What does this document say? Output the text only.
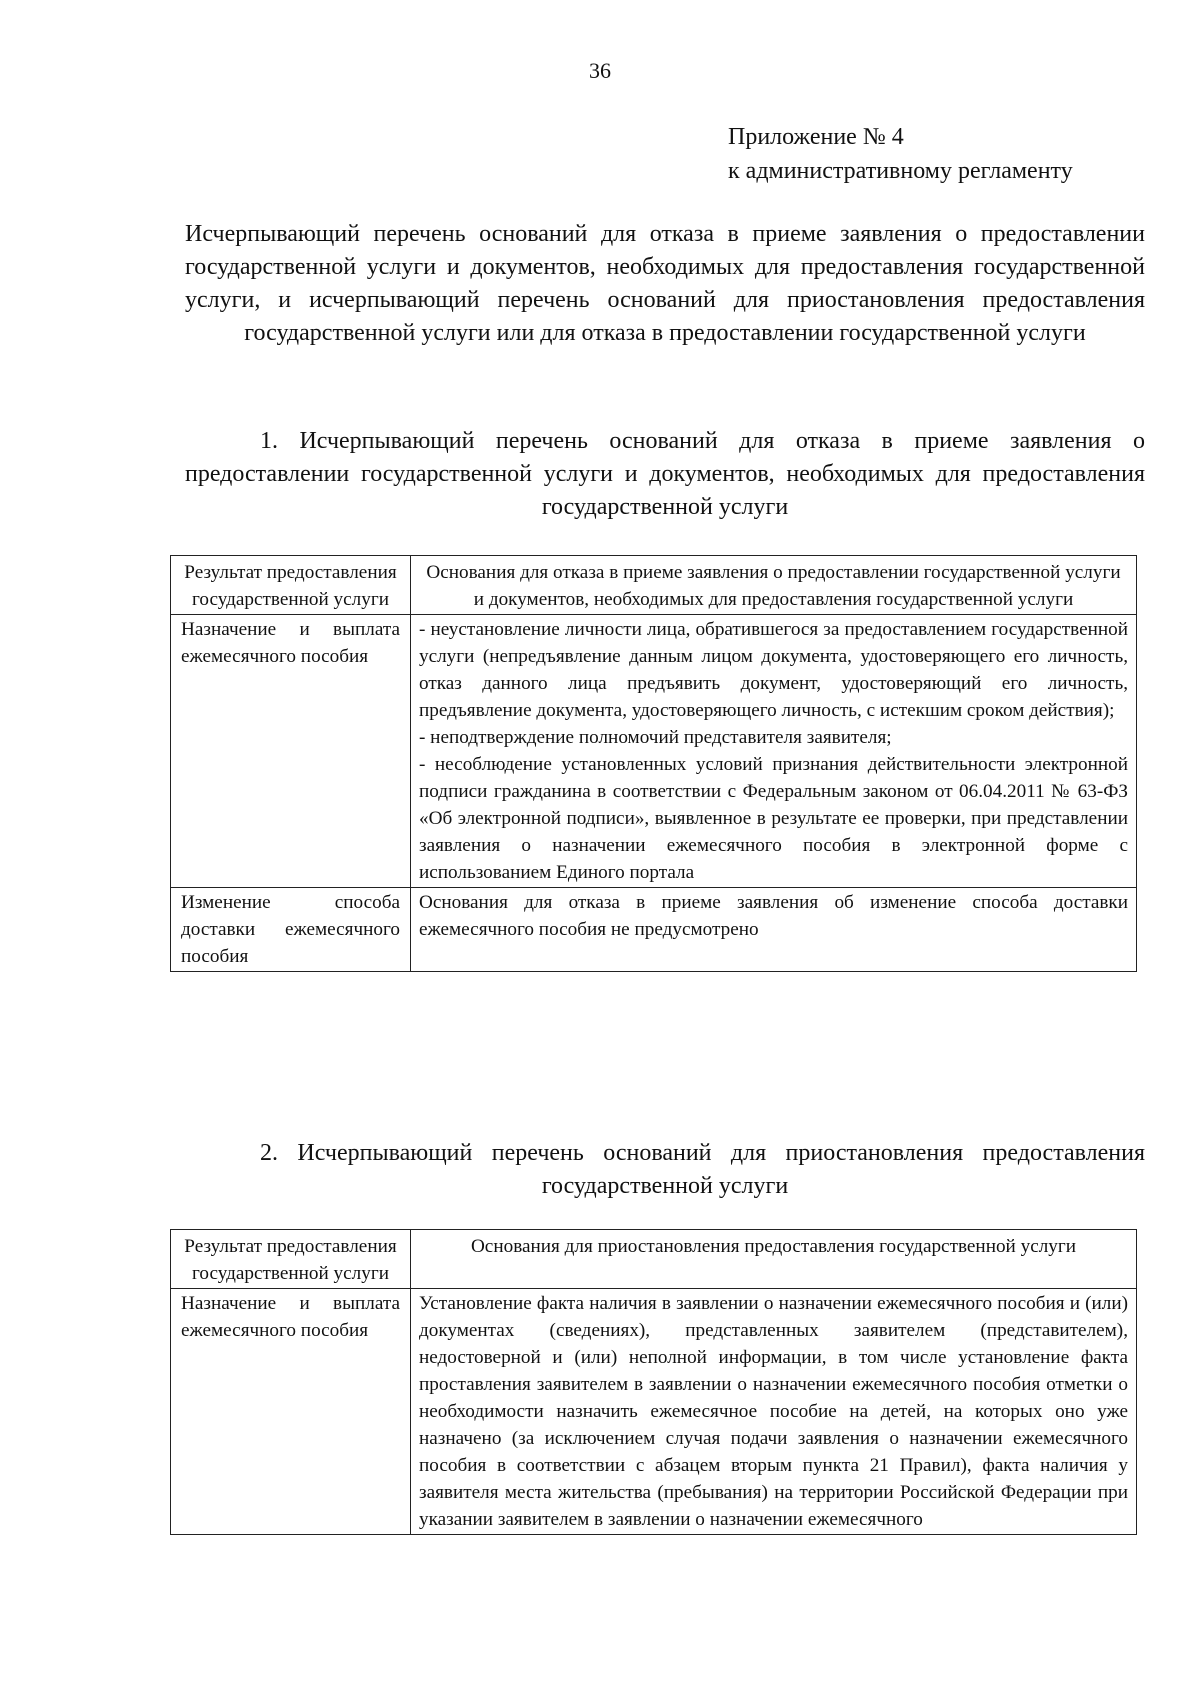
36
Приложение № 4
к административному регламенту
Исчерпывающий перечень оснований для отказа в приеме заявления о предоставлении государственной услуги и документов, необходимых для предоставления государственной услуги, и исчерпывающий перечень оснований для приостановления предоставления государственной услуги или для отказа в предоставлении государственной услуги
1. Исчерпывающий перечень оснований для отказа в приеме заявления о предоставлении государственной услуги и документов, необходимых для предоставления государственной услуги
Результат предоставления государственной услуги	Основания для отказа в приеме заявления о предоставлении государственной услуги и документов, необходимых для предоставления государственной услуги
Назначение и выплата ежемесячного пособия	- неустановление личности лица, обратившегося за предоставлением государственной услуги (непредъявление данным лицом документа, удостоверяющего его личность, отказ данного лица предъявить документ, удостоверяющий его личность, предъявление документа, удостоверяющего личность, с истекшим сроком действия);

- неподтверждение полномочий представителя заявителя;

- несоблюдение установленных условий признания действительности электронной подписи гражданина в соответствии с Федеральным законом от 06.04.2011 № 63-ФЗ «Об электронной подписи», выявленное в результате ее проверки, при представлении заявления о назначении ежемесячного пособия в электронной форме с использованием Единого портала

Изменение способа доставки ежемесячного пособия	Основания для отказа в приеме заявления об изменение способа доставки ежемесячного пособия не предусмотрено

2. Исчерпывающий перечень оснований для приостановления предоставления государственной услуги
Результат предоставления государственной услуги	Основания для приостановления предоставления государственной услуги
Назначение и выплата ежемесячного пособия	Установление факта наличия в заявлении о назначении ежемесячного пособия и (или) документах (сведениях), представленных заявителем (представителем), недостоверной и (или) неполной информации, в том числе установление факта проставления заявителем в заявлении о назначении ежемесячного пособия отметки о необходимости назначить ежемесячное пособие на детей, на которых оно уже назначено (за исключением случая подачи заявления о назначении ежемесячного пособия в соответствии с абзацем вторым пункта 21 Правил), факта наличия у заявителя места жительства (пребывания) на территории Российской Федерации при указании заявителем в заявлении о назначении ежемесячного
